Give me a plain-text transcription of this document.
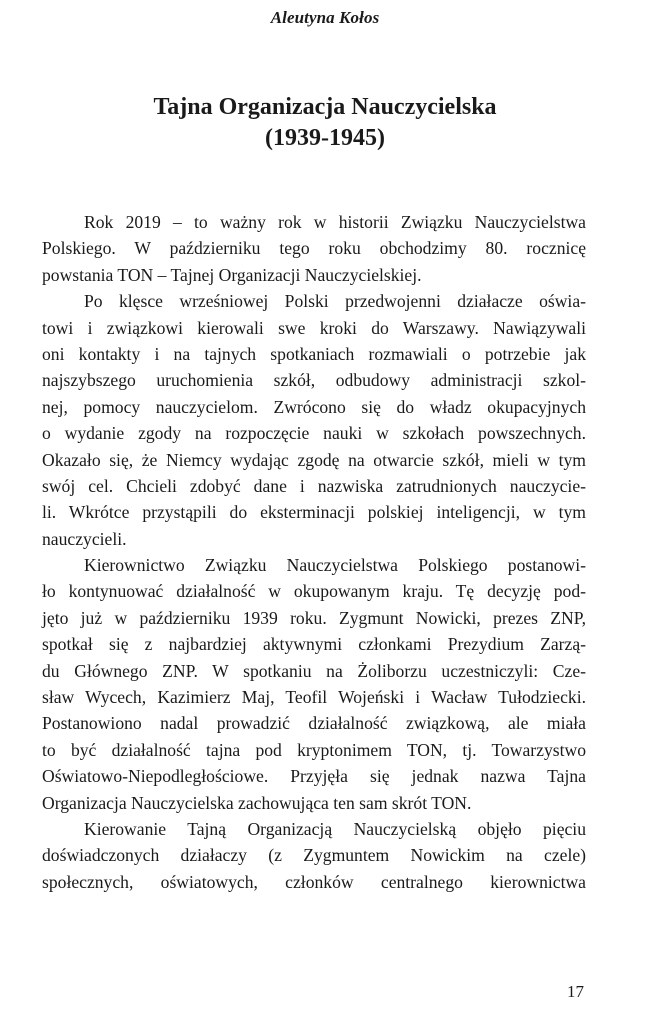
Aleutyna Kołos
Tajna Organizacja Nauczycielska
(1939-1945)
Rok 2019 – to ważny rok w historii Związku Nauczycielstwa
Polskiego. W październiku tego roku obchodzimy 80. rocznicę
powstania TON – Tajnej Organizacji Nauczycielskiej.
Po klęsce wrześniowej Polski przedwojenni działacze oświa-
towi i związkowi kierowali swe kroki do Warszawy. Nawiązywali
oni kontakty i na tajnych spotkaniach rozmawiali o potrzebie jak
najszybszego uruchomienia szkół, odbudowy administracji szkol-
nej, pomocy nauczycielom. Zwrócono się do władz okupacyjnych
o wydanie zgody na rozpoczęcie nauki w szkołach powszechnych.
Okazało się, że Niemcy wydając zgodę na otwarcie szkół, mieli w tym
swój cel. Chcieli zdobyć dane i nazwiska zatrudnionych nauczycie-
li. Wkrótce przystąpili do eksterminacji polskiej inteligencji, w tym
nauczycieli.
Kierownictwo Związku Nauczycielstwa Polskiego postanowi-
ło kontynuować działalność w okupowanym kraju. Tę decyzję pod-
jęto już w październiku 1939 roku. Zygmunt Nowicki, prezes ZNP,
spotkał się z najbardziej aktywnymi członkami Prezydium Zarzą-
du Głównego ZNP. W spotkaniu na Żoliborzu uczestniczyli: Cze-
sław Wycech, Kazimierz Maj, Teofil Wojeński i Wacław Tułodziecki.
Postanowiono nadal prowadzić działalność związkową, ale miała
to być działalność tajna pod kryptonimem TON, tj. Towarzystwo
Oświatowo-Niepodległościowe. Przyjęła się jednak nazwa Tajna
Organizacja Nauczycielska zachowująca ten sam skrót TON.
Kierowanie Tajną Organizacją Nauczycielską objęło pięciu
doświadczonych działaczy (z Zygmuntem Nowickim na czele)
społecznych, oświatowych, członków centralnego kierownictwa
17
